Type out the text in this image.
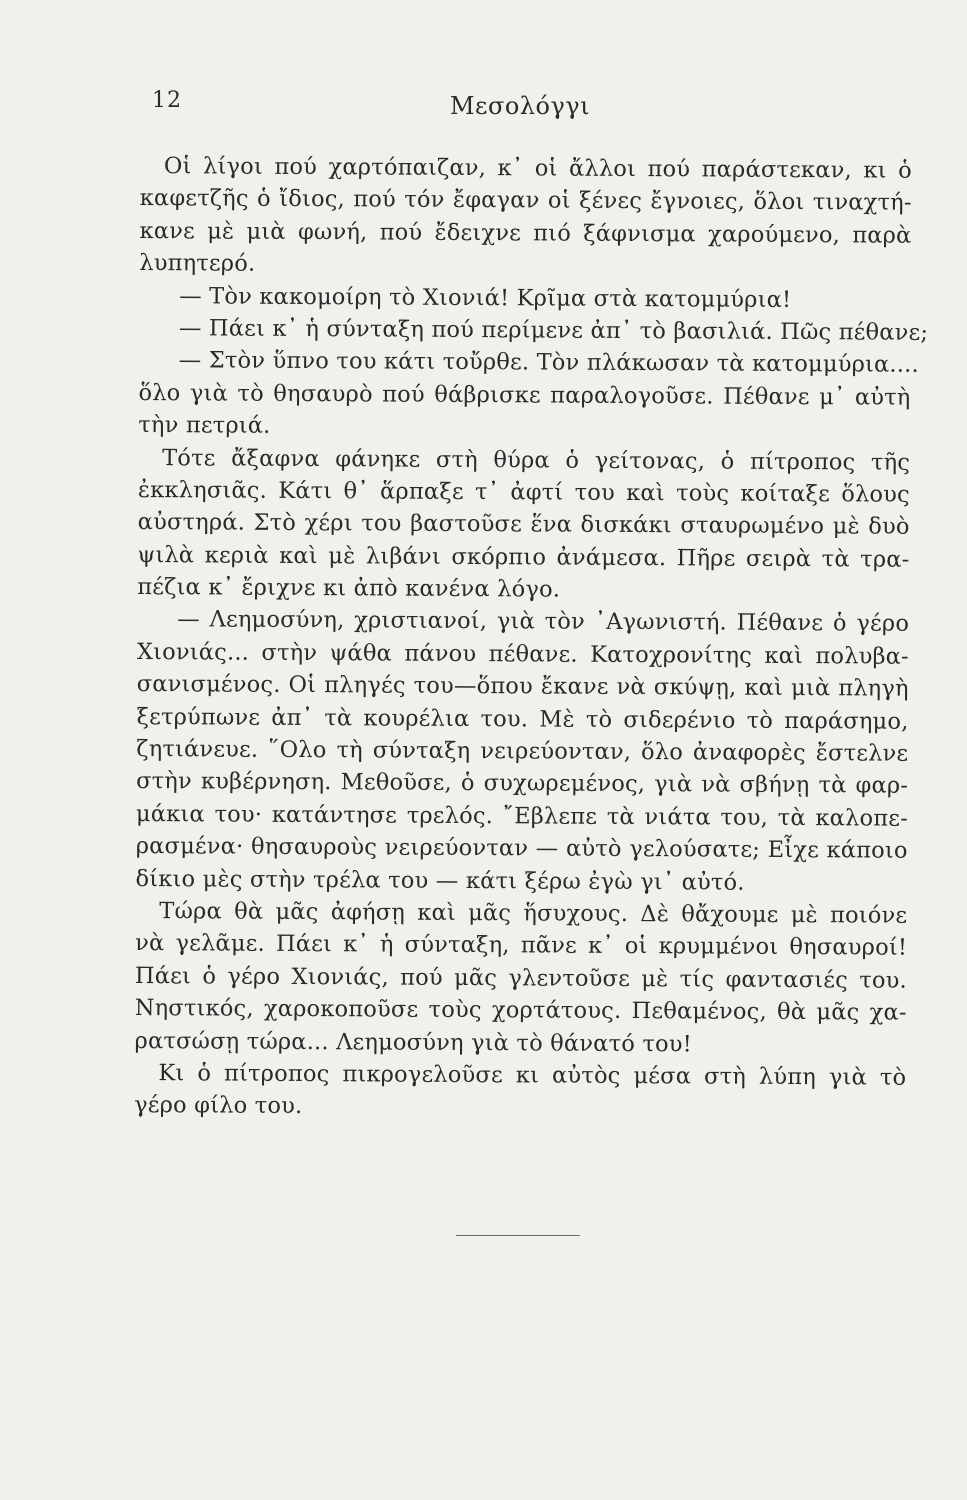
12	Μεσολόγγι
Οἱ λίγοι πού χαρτόπαιζαν, κ᾽ οἱ ἄλλοι πού παράστεκαν, κι ὁ
καφετζῆς ὁ ἴδιος, πού τόν ἔφαγαν οἱ ξένες ἔγνοιες, ὅλοι τιναχτή-
κανε μὲ μιὰ φωνή, πού ἔδειχνε πιό ξάφνισμα χαρούμενο, παρὰ
λυπητερό.
— Τὸν κακομοίρη τὸ Χιονιά! Κρῖμα στὰ κατομμύρια!
— Πάει κ᾽ ἡ σύνταξη πού περίμενε ἀπ᾽ τὸ βασιλιά. Πῶς πέθανε;
— Στὸν ὕπνο του κάτι τοὔρθε. Τὸν πλάκωσαν τὰ κατομμύρια....
ὅλο γιὰ τὸ θησαυρὸ πού θάβρισκε παραλογοῦσε. Πέθανε μ᾽ αὐτὴ
τὴν πετριά.
Τότε ἄξαφνα φάνηκε στὴ θύρα ὁ γείτονας, ὁ πίτροπος τῆς
ἐκκλησιᾶς. Κάτι θ᾽ ἅρπαξε τ᾽ ἀφτί του καὶ τοὺς κοίταξε ὅλους
αὐστηρά. Στὸ χέρι του βαστοῦσε ἕνα δισκάκι σταυρωμένο μὲ δυὸ
ψιλὰ κεριὰ καὶ μὲ λιβάνι σκόρπιο ἀνάμεσα. Πῆρε σειρὰ τὰ τρα-
πέζια κ᾽ ἔριχνε κι ἀπὸ κανένα λόγο.
— Λεημοσύνη, χριστιανοί, γιὰ τὸν ᾿Αγωνιστή. Πέθανε ὁ γέρο
Χιονιάς... στὴν ψάθα πάνου πέθανε. Κατοχρονίτης καὶ πολυβα-
σανισμένος. Οἱ πληγές του—ὅπου ἔκανε νὰ σκύψῃ, καὶ μιὰ πληγὴ
ξετρύπωνε ἀπ᾽ τὰ κουρέλια του. Μὲ τὸ σιδερένιο τὸ παράσημο,
ζητιάνευε. ῞Ολο τὴ σύνταξη νειρεύονταν, ὅλο ἀναφορὲς ἔστελνε
στὴν κυβέρνηση. Μεθοῦσε, ὁ συχωρεμένος, γιὰ νὰ σβήνῃ τὰ φαρ-
μάκια του· κατάντησε τρελός. ῎Εβλεπε τὰ νιάτα του, τὰ καλοπε-
ρασμένα· θησαυροὺς νειρεύονταν — αὐτὸ γελούσατε; Εἶχε κάποιο
δίκιο μὲς στὴν τρέλα του — κάτι ξέρω ἐγὼ γι᾽ αὐτό.
Τώρα θὰ μᾶς ἀφήσῃ καὶ μᾶς ἥσυχους. Δὲ θἄχουμε μὲ ποιόνε
νὰ γελᾶμε. Πάει κ᾽ ἡ σύνταξη, πᾶνε κ᾽ οἱ κρυμμένοι θησαυροί!
Πάει ὁ γέρο Χιονιάς, πού μᾶς γλεντοῦσε μὲ τίς φαντασιές του.
Νηστικός, χαροκοποῦσε τοὺς χορτάτους. Πεθαμένος, θὰ μᾶς χα-
ρατσώσῃ τώρα... Λεημοσύνη γιὰ τὸ θάνατό του!
Κι ὁ πίτροπος πικρογελοῦσε κι αὐτὸς μέσα στὴ λύπη γιὰ τὸ
γέρο φίλο του.
